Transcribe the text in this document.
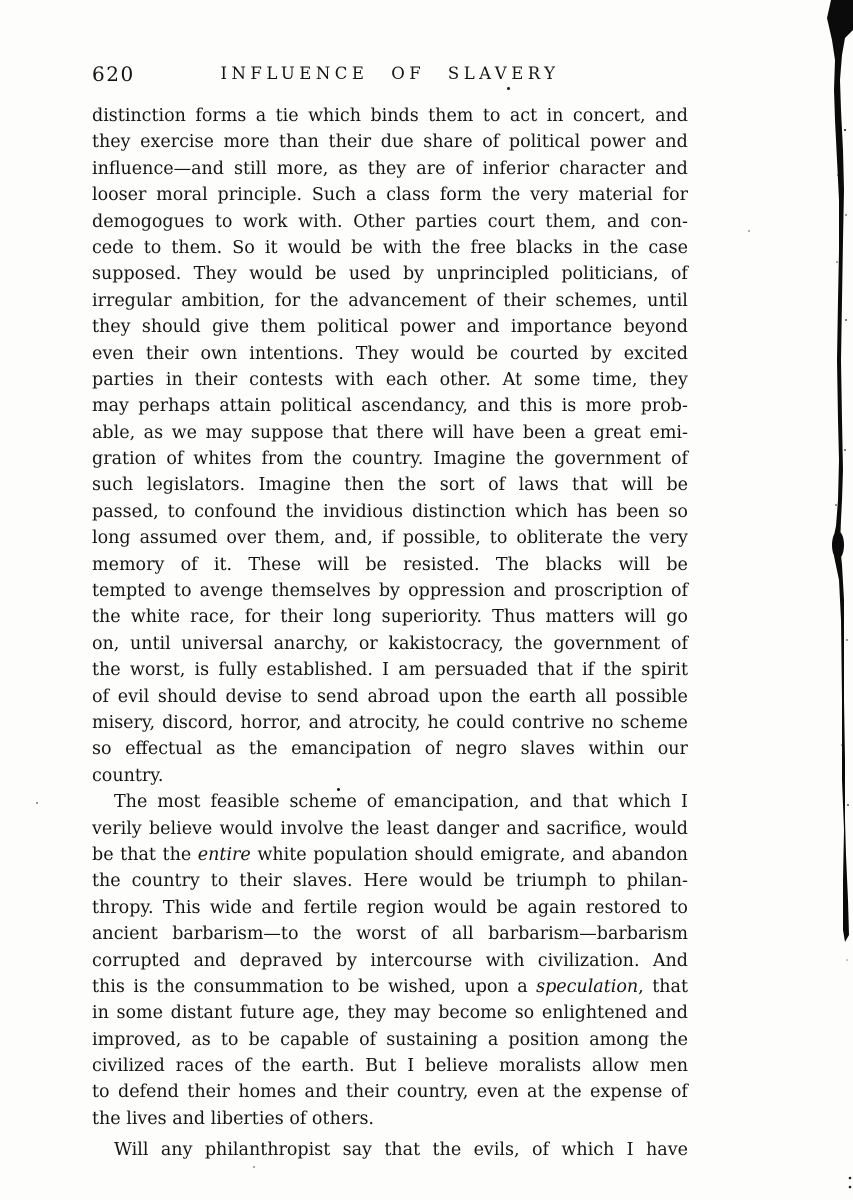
620	INFLUENCE OF SLAVERY
distinction forms a tie which binds them to act in concert, and
they exercise more than their due share of political power and
influence—and still more, as they are of inferior character and
looser moral principle. Such a class form the very material for
demogogues to work with. Other parties court them, and con-
cede to them. So it would be with the free blacks in the case
supposed. They would be used by unprincipled politicians, of
irregular ambition, for the advancement of their schemes, until
they should give them political power and importance beyond
even their own intentions. They would be courted by excited
parties in their contests with each other. At some time, they
may perhaps attain political ascendancy, and this is more prob-
able, as we may suppose that there will have been a great emi-
gration of whites from the country. Imagine the government of
such legislators. Imagine then the sort of laws that will be
passed, to confound the invidious distinction which has been so
long assumed over them, and, if possible, to obliterate the very
memory of it. These will be resisted. The blacks will be
tempted to avenge themselves by oppression and proscription of
the white race, for their long superiority. Thus matters will go
on, until universal anarchy, or kakistocracy, the government of
the worst, is fully established. I am persuaded that if the spirit
of evil should devise to send abroad upon the earth all possible
misery, discord, horror, and atrocity, he could contrive no scheme
so effectual as the emancipation of negro slaves within our
country.
The most feasible scheme of emancipation, and that which I
verily believe would involve the least danger and sacrifice, would
be that the entire white population should emigrate, and abandon
the country to their slaves. Here would be triumph to philan-
thropy. This wide and fertile region would be again restored to
ancient barbarism—to the worst of all barbarism—barbarism
corrupted and depraved by intercourse with civilization. And
this is the consummation to be wished, upon a speculation, that
in some distant future age, they may become so enlightened and
improved, as to be capable of sustaining a position among the
civilized races of the earth. But I believe moralists allow men
to defend their homes and their country, even at the expense of
the lives and liberties of others.
Will any philanthropist say that the evils, of which I have
